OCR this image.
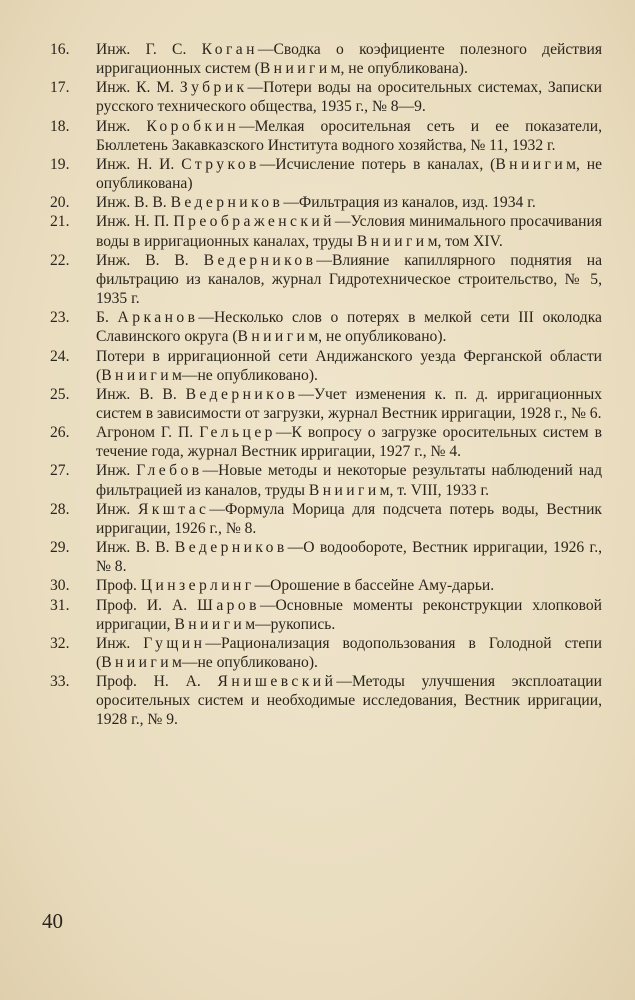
16.	Инж. Г. С. Коган—Сводка о коэфициенте полезного действия ирригационных систем (Вниигим, не опубликована).
17.	Инж. К. М. Зубрик—Потери воды на оросительных системах, Записки русского технического общества, 1935 г., № 8—9.
18.	Инж. Коробкин—Мелкая оросительная сеть и ее показатели, Бюллетень Закавказского Института водного хозяйства, № 11, 1932 г.
19.	Инж. Н. И. Струков—Исчисление потерь в каналах, (Вниигим, не опубликована)
20.	Инж. В. В. Ведерников—Фильтрация из каналов, изд. 1934 г.
21.	Инж. Н. П. Преображенский—Условия минимального просачивания воды в ирригационных каналах, труды Вниигим, том XIV.
22.	Инж. В. В. Ведерников—Влияние капиллярного поднятия на фильтрацию из каналов, журнал Гидротехническое строительство, № 5, 1935 г.
23.	Б. Арканов—Несколько слов о потерях в мелкой сети III околодка Славинского округа (Вниигим, не опубликовано).
24.	Потери в ирригационной сети Андижанского уезда Ферганской области (Вниигим—не опубликовано).
25.	Инж. В. В. Ведерников—Учет изменения к. п. д. ирригационных систем в зависимости от загрузки, журнал Вестник ирригации, 1928 г., № 6.
26.	Агроном Г. П. Гельцер—К вопросу о загрузке оросительных систем в течение года, журнал Вестник ирригации, 1927 г., № 4.
27.	Инж. Глебов—Новые методы и некоторые результаты наблюдений над фильтрацией из каналов, труды Вниигим, т. VIII, 1933 г.
28.	Инж. Якштас—Формула Морица для подсчета потерь воды, Вестник ирригации, 1926 г., № 8.
29.	Инж. В. В. Ведерников—О водообороте, Вестник ирригации, 1926 г., № 8.
30.	Проф. Цинзерлинг—Орошение в бассейне Аму-дарьи.
31.	Проф. И. А. Шаров—Основные моменты реконструкции хлопковой ирригации, Вниигим—рукопись.
32.	Инж. Гущин—Рационализация водопользования в Голодной степи (Вниигим—не опубликовано).
33.	Проф. Н. А. Янишевский—Методы улучшения эксплоатации оросительных систем и необходимые исследования, Вестник ирригации, 1928 г., № 9.
40
